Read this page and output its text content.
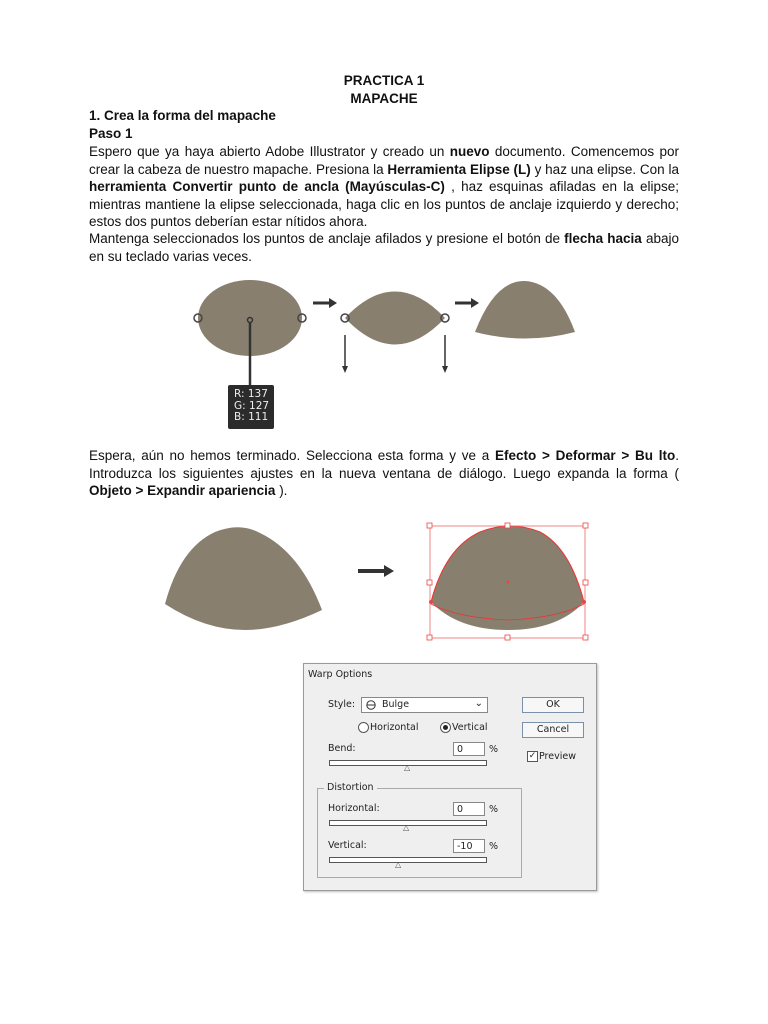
PRACTICA 1
MAPACHE
1. Crea la forma del mapache
Paso 1
Espero que ya haya abierto Adobe Illustrator y creado un nuevo documento. Comencemos por crear la cabeza de nuestro mapache. Presiona la Herramienta Elipse (L) y haz una elipse. Con la herramienta Convertir punto de ancla (Mayúsculas-C) , haz esquinas afiladas en la elipse; mientras mantiene la elipse seleccionada, haga clic en los puntos de anclaje izquierdo y derecho; estos dos puntos deberían estar nítidos ahora.
Mantenga seleccionados los puntos de anclaje afilados y presione el botón de flecha hacia abajo en su teclado varias veces.
R: 137
G: 127
B: 111
Espera, aún no hemos terminado. Selecciona esta forma y ve a Efecto > Deformar > Bu lto. Introduzca los siguientes ajustes en la nueva ventana de diálogo. Luego expanda la forma ( Objeto > Expandir apariencia ).
Warp Options
Style:	Bulge	⌄	OK
Cancel
Horizontal	Vertical
Bend:	0	%
△
✓ Preview
Distortion
Horizontal:	0	%
△
Vertical:	-10	%
△
